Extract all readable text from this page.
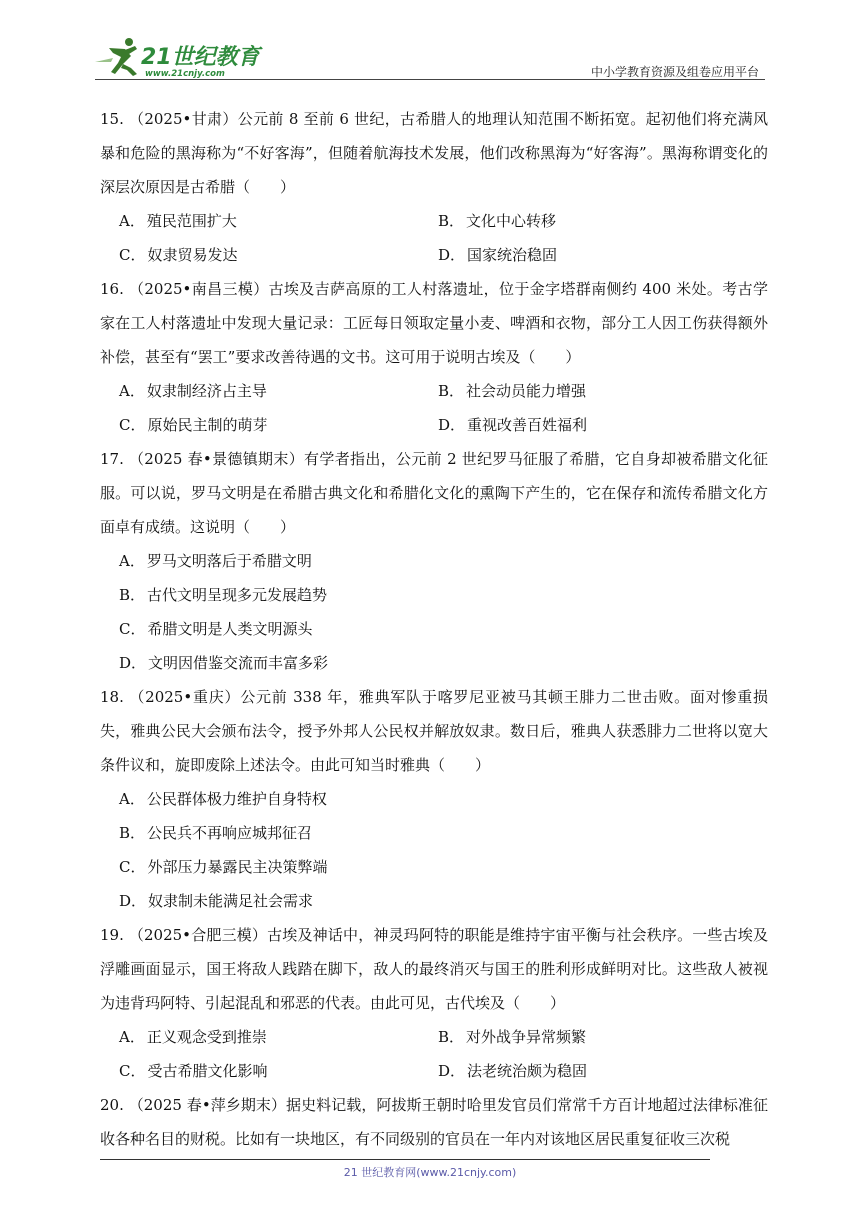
21世纪教育
www.21cnjy.com	中小学教育资源及组卷应用平台

15. （2025•甘肃）公元前 8 至前 6 世纪，古希腊人的地理认知范围不断拓宽。起初他们将充满风暴和危险的黑海称为“不好客海”，但随着航海技术发展，他们改称黑海为“好客海”。黑海称谓变化的深层次原因是古希腊（　　）

A． 殖民范围扩大	B． 文化中心转移
C． 奴隶贸易发达	D． 国家统治稳固

16. （2025•南昌三模）古埃及吉萨高原的工人村落遗址，位于金字塔群南侧约 400 米处。考古学家在工人村落遗址中发现大量记录：工匠每日领取定量小麦、啤酒和衣物，部分工人因工伤获得额外补偿，甚至有“罢工”要求改善待遇的文书。这可用于说明古埃及（　　）

A． 奴隶制经济占主导	B． 社会动员能力增强
C． 原始民主制的萌芽	D． 重视改善百姓福利

17. （2025 春•景德镇期末）有学者指出，公元前 2 世纪罗马征服了希腊，它自身却被希腊文化征服。可以说，罗马文明是在希腊古典文化和希腊化文化的熏陶下产生的，它在保存和流传希腊文化方面卓有成绩。这说明（　　）

A． 罗马文明落后于希腊文明
B． 古代文明呈现多元发展趋势
C． 希腊文明是人类文明源头
D． 文明因借鉴交流而丰富多彩

18. （2025•重庆）公元前 338 年，雅典军队于喀罗尼亚被马其顿王腓力二世击败。面对惨重损失，雅典公民大会颁布法令，授予外邦人公民权并解放奴隶。数日后，雅典人获悉腓力二世将以宽大条件议和，旋即废除上述法令。由此可知当时雅典（　　）

A． 公民群体极力维护自身特权
B． 公民兵不再响应城邦征召
C． 外部压力暴露民主决策弊端
D． 奴隶制未能满足社会需求

19. （2025•合肥三模）古埃及神话中，神灵玛阿特的职能是维持宇宙平衡与社会秩序。一些古埃及浮雕画面显示，国王将敌人践踏在脚下，敌人的最终消灭与国王的胜利形成鲜明对比。这些敌人被视为违背玛阿特、引起混乱和邪恶的代表。由此可见，古代埃及（　　）

A． 正义观念受到推崇	B． 对外战争异常频繁
C． 受古希腊文化影响	D． 法老统治颇为稳固

20. （2025 春•萍乡期末）据史料记载，阿拔斯王朝时哈里发官员们常常千方百计地超过法律标准征收各种名目的财税。比如有一块地区，有不同级别的官员在一年内对该地区居民重复征收三次税

21 世纪教育网(www.21cnjy.com)
